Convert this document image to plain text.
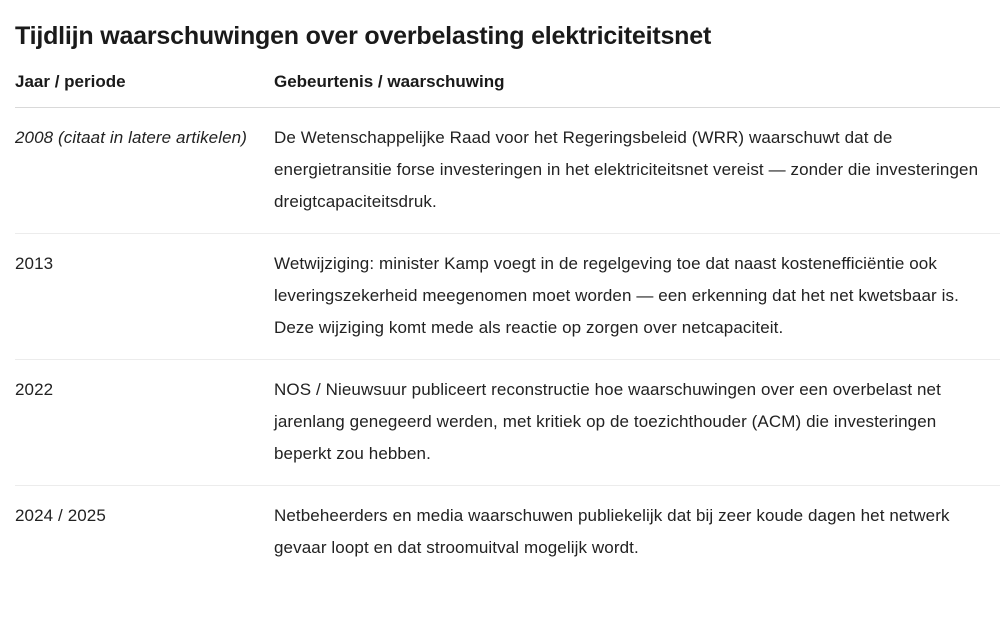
Tijdlijn waarschuwingen over overbelasting elektriciteitsnet
Jaar / periode	Gebeurtenis / waarschuwing
2008 (citaat in latere artikelen)	De Wetenschappelijke Raad voor het Regeringsbeleid (WRR) waarschuwt dat de energietransitie forse investeringen in het elektriciteitsnet vereist — zonder die investeringen dreigtcapaciteitsdruk.
2013	Wetwijziging: minister Kamp voegt in de regelgeving toe dat naast kostenefficiëntie ook leveringszekerheid meegenomen moet worden — een erkenning dat het net kwetsbaar is. Deze wijziging komt mede als reactie op zorgen over netcapaciteit.
2022	NOS / Nieuwsuur publiceert reconstructie hoe waarschuwingen over een overbelast net jarenlang genegeerd werden, met kritiek op de toezichthouder (ACM) die investeringen beperkt zou hebben.
2024 / 2025	Netbeheerders en media waarschuwen publiekelijk dat bij zeer koude dagen het netwerk gevaar loopt en dat stroomuitval mogelijk wordt.
